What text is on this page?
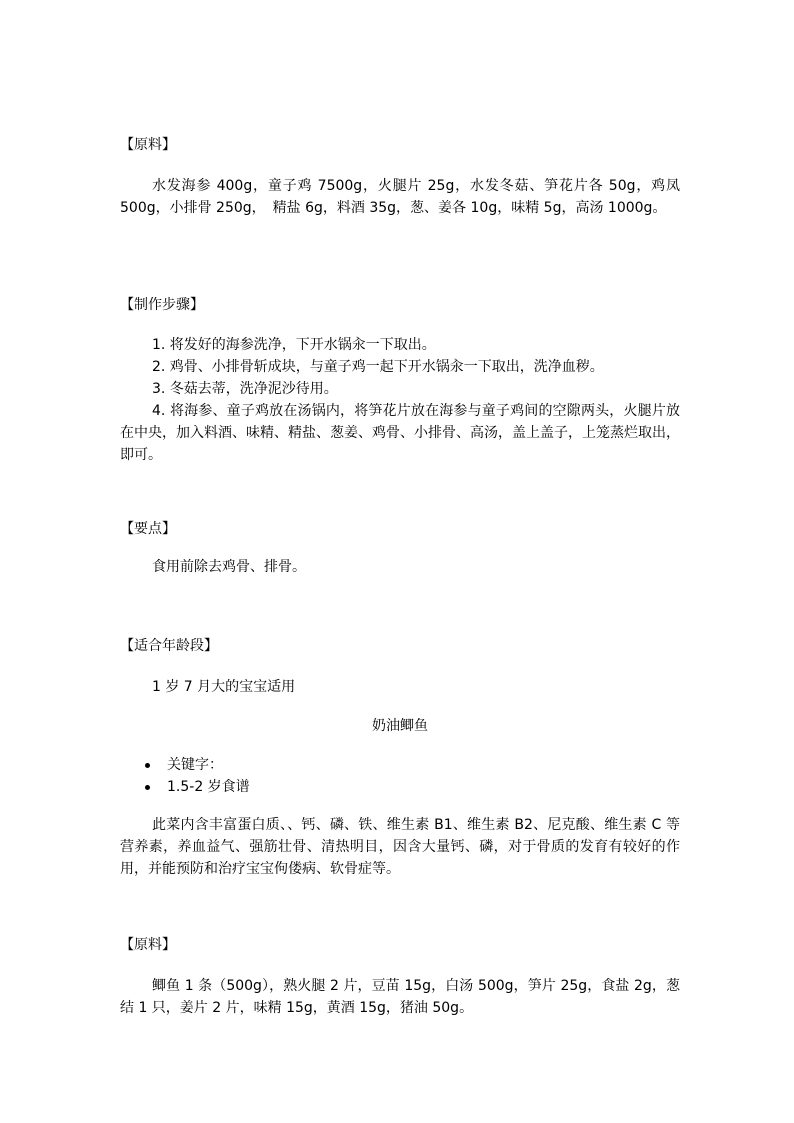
【原料】
水发海参 400g，童子鸡 7500g，火腿片 25g，水发冬菇、笋花片各 50g，鸡凤 500g，小排骨 250g，　精盐 6g，料酒 35g，葱、姜各 10g，味精 5g，高汤 1000g。
【制作步骤】

1. 将发好的海参洗净，下开水锅汆一下取出。

2. 鸡骨、小排骨斩成块，与童子鸡一起下开水锅汆一下取出，洗净血秽。

3. 冬菇去蒂，洗净泥沙待用。

4. 将海参、童子鸡放在汤锅内，将笋花片放在海参与童子鸡间的空隙两头，火腿片放在中央，加入料酒、味精、精盐、葱姜、鸡骨、小排骨、高汤，盖上盖子，上笼蒸烂取出，即可。

【要点】
食用前除去鸡骨、排骨。
【适合年龄段】
1 岁 7 月大的宝宝适用
奶油鲫鱼
关键字：
1.5-2 岁食谱
此菜内含丰富蛋白质、、钙、磷、铁、维生素 B1、维生素 B2、尼克酸、维生素 C 等营养素，养血益气、强筋壮骨、清热明目，因含大量钙、磷，对于骨质的发育有较好的作用，并能预防和治疗宝宝佝偻病、软骨症等。
【原料】
鲫鱼 1 条（500g），熟火腿 2 片，豆苗 15g，白汤 500g，笋片 25g，食盐 2g，葱结 1 只，姜片 2 片，味精 15g，黄酒 15g，猪油 50g。
